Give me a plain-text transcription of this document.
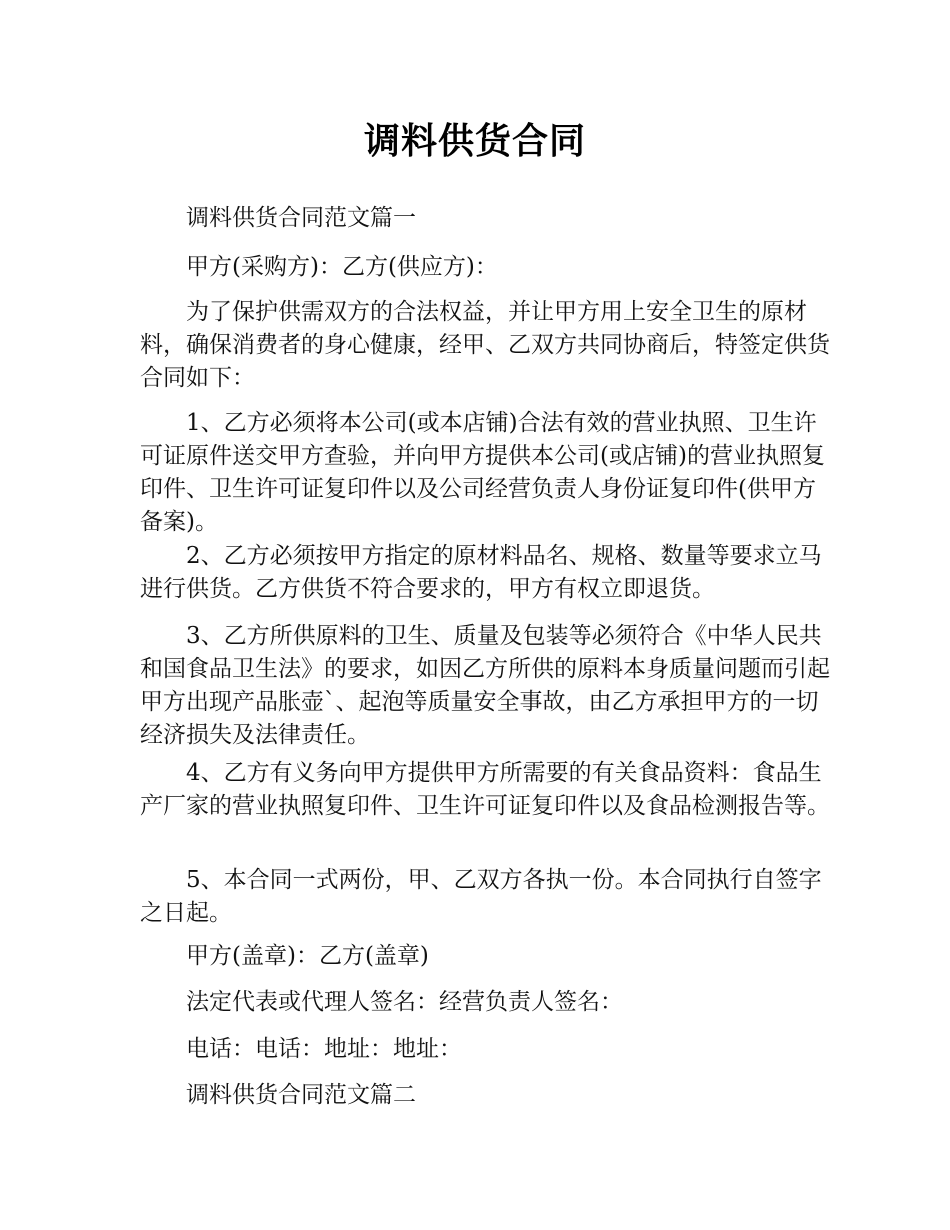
调料供货合同

调料供货合同范文篇一

甲方(采购方)：乙方(供应方)：

为了保护供需双方的合法权益，并让甲方用上安全卫生的原材料，确保消费者的身心健康，经甲、乙双方共同协商后，特签定供货合同如下：

1、乙方必须将本公司(或本店铺)合法有效的营业执照、卫生许可证原件送交甲方查验，并向甲方提供本公司(或店铺)的营业执照复印件、卫生许可证复印件以及公司经营负责人身份证复印件(供甲方备案)。

2、乙方必须按甲方指定的原材料品名、规格、数量等要求立马进行供货。乙方供货不符合要求的，甲方有权立即退货。

3、乙方所供原料的卫生、质量及包装等必须符合《中华人民共和国食品卫生法》的要求，如因乙方所供的原料本身质量问题而引起甲方出现产品胀壶`、起泡等质量安全事故，由乙方承担甲方的一切经济损失及法律责任。

4、乙方有义务向甲方提供甲方所需要的有关食品资料：食品生产厂家的营业执照复印件、卫生许可证复印件以及食品检测报告等。

5、本合同一式两份，甲、乙双方各执一份。本合同执行自签字之日起。

甲方(盖章)：乙方(盖章)

法定代表或代理人签名：经营负责人签名：

电话：电话：地址：地址：

调料供货合同范文篇二
